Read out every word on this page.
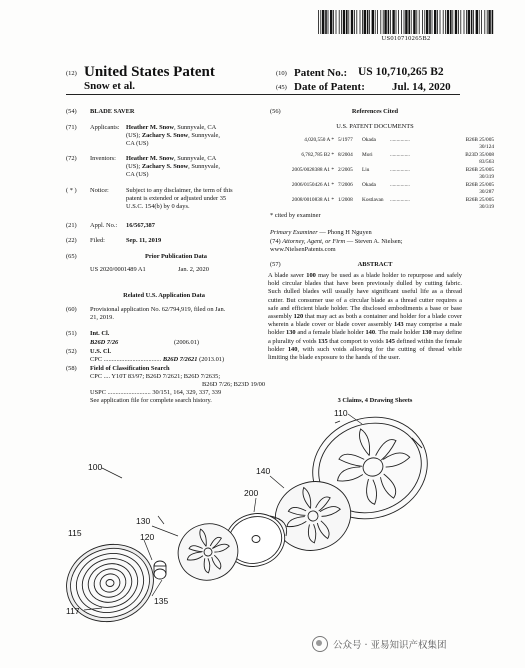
US010710265B2
(12) United States Patent
Snow et al.
(10) Patent No.: US 10,710,265 B2
(45) Date of Patent: Jul. 14, 2020
(54) BLADE SAVER
(71) Applicants: Heather M. Snow, Sunnyvale, CA
(US); Zachary S. Snow, Sunnyvale,
CA (US)
(72) Inventors: Heather M. Snow, Sunnyvale, CA
(US); Zachary S. Snow, Sunnyvale,
CA (US)
( * ) Notice:	Subject to any disclaimer, the term of this
patent is extended or adjusted under 35
U.S.C. 154(b) by 0 days.
(21) Appl. No.: 16/567,387
(22) Filed:	Sep. 11, 2019
(65)	Prior Publication Data
US 2020/0001489 A1	Jan. 2, 2020
Related U.S. Application Data
(60) Provisional application No. 62/794,919, filed on Jan.
21, 2019.
(51) Int. Cl.
B26D 7/26	(2006.01)
(52) U.S. Cl.
CPC .................................... B26D 7/2621 (2013.01)
(58) Field of Classification Search
CPC .... Y10T 83/97; B26D 7/2621; B26D 7/2635;
B26D 7/26; B23D 19/00
USPC ........................... 30/151, 164, 329, 337, 339
See application file for complete search history.
(56)	References Cited
U.S. PATENT DOCUMENTS
4,020,550 A * 5/1977	Okada	...............	B26B 25/005
30/124
6,782,785 B2 * 8/2004	Mori	...............	B23D 35/008
83/563
2005/0028388 A1 * 2/2005	Liu	...............	B26B 25/005
30/319
2006/0150426 A1 * 7/2006	Okada	...............	B26B 25/005
30/287
2008/0010838 A1 * 1/2008	Kostlavan	...............	B26B 25/005
30/319
* cited by examiner
Primary Examiner — Phong H Nguyen
(74) Attorney, Agent, or Firm — Steven A. Nielsen;
www.NielsenPatents.com
(57)	ABSTRACT
A blade saver 100 may be used as a blade holder to repurpose and safely hold circular blades that have been previously dulled by cutting fabric. Such dulled blades will usually have significant useful life as a thread cutter. But consumer use of a circular blade as a thread cutter requires a safe and efficient blade holder. The disclosed embodiments a base or base assembly 120 that may act as both a container and holder for a blade cover wherein a blade cover or blade cover assembly 143 may comprise a male holder 130 and a female blade holder 140. The male holder 130 may define a plurality of voids 135 that comport to voids 145 defined within the female holder 140, with such voids allowing for the cutting of thread while limiting the blade exposure to the hands of the user.
3 Claims, 4 Drawing Sheets
110
100
200
140
130
120
115
135
117
公众号 · 亚易知识产权集团
